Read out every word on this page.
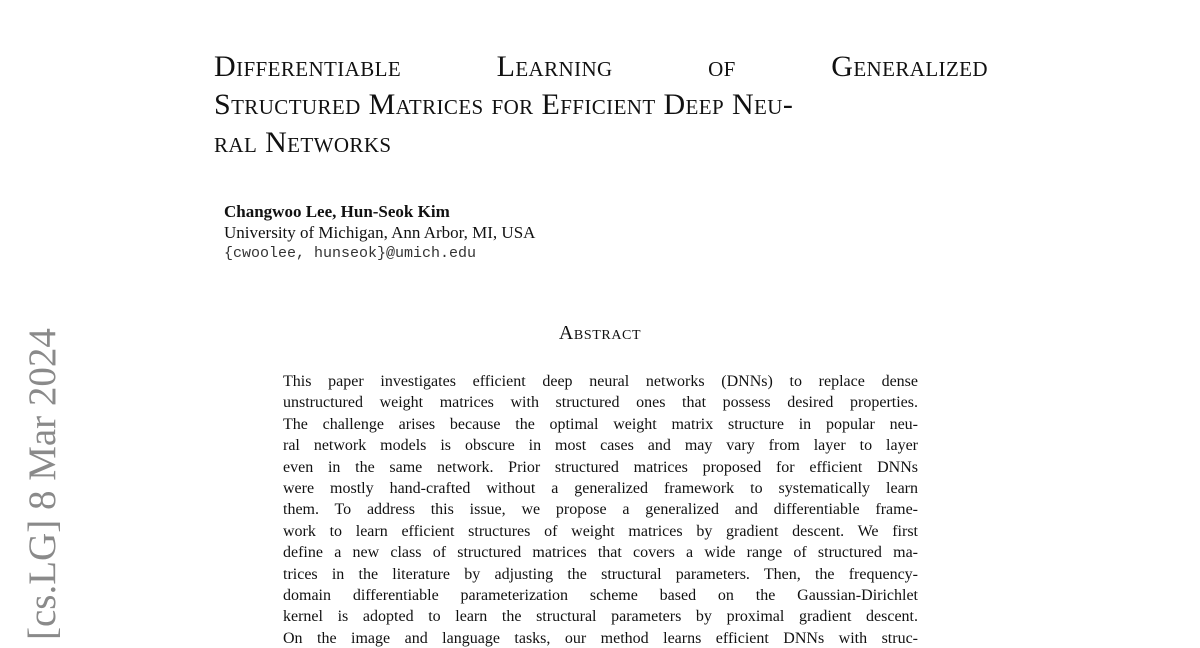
[cs.LG] 8 Mar 2024
Differentiable	Learning	of	Generalized
Structured Matrices for Efficient Deep Neu-
ral Networks
Changwoo Lee, Hun-Seok Kim
University of Michigan, Ann Arbor, MI, USA
{cwoolee, hunseok}@umich.edu
Abstract
This paper investigates efficient deep neural networks (DNNs) to replace dense
unstructured weight matrices with structured ones that possess desired properties.
The challenge arises because the optimal weight matrix structure in popular neu-
ral network models is obscure in most cases and may vary from layer to layer
even in the same network. Prior structured matrices proposed for efficient DNNs
were mostly hand-crafted without a generalized framework to systematically learn
them. To address this issue, we propose a generalized and differentiable frame-
work to learn efficient structures of weight matrices by gradient descent. We first
define a new class of structured matrices that covers a wide range of structured ma-
trices in the literature by adjusting the structural parameters. Then, the frequency-
domain differentiable parameterization scheme based on the Gaussian-Dirichlet
kernel is adopted to learn the structural parameters by proximal gradient descent.
On the image and language tasks, our method learns efficient DNNs with struc-
